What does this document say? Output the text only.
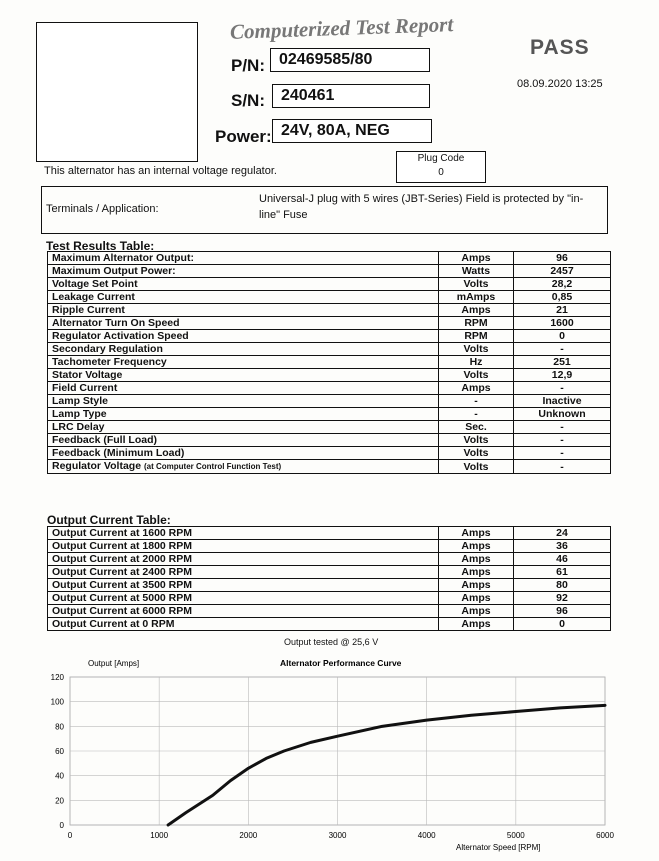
Computerized Test Report
PASS
08.09.2020 13:25
P/N: 02469585/80
S/N:	240461
Power: 24V, 80A, NEG
This alternator has an internal voltage regulator.
Plug Code
0
Terminals / Application:
Universal-J plug with 5 wires (JBT-Series) Field is protected by "in-line" Fuse
Test Results Table:
Maximum Alternator Output:	Amps	96
Maximum Output Power:	Watts	2457
Voltage Set Point	Volts	28,2
Leakage Current	mAmps	0,85
Ripple Current	Amps	21
Alternator Turn On Speed	RPM	1600
Regulator Activation Speed	RPM	0
Secondary Regulation	Volts	-
Tachometer Frequency	Hz	251
Stator Voltage	Volts	12,9
Field Current	Amps	-
Lamp Style	-	Inactive
Lamp Type	-	Unknown
LRC Delay	Sec.	-
Feedback (Full Load)	Volts	-
Feedback (Minimum Load)	Volts	-
Regulator Voltage (at Computer Control Function Test)	Volts	-
Output Current Table:
Output Current at 1600 RPM	Amps	24
Output Current at 1800 RPM	Amps	36
Output Current at 2000 RPM	Amps	46
Output Current at 2400 RPM	Amps	61
Output Current at 3500 RPM	Amps	80
Output Current at 5000 RPM	Amps	92
Output Current at 6000 RPM	Amps	96
Output Current at 0 RPM	Amps	0
Output tested @ 25,6 V
Output [Amps]	Alternator Performance Curve
0
20
40
60
80
100
120
0	1000	2000	3000	4000	5000	6000
Alternator Speed [RPM]
